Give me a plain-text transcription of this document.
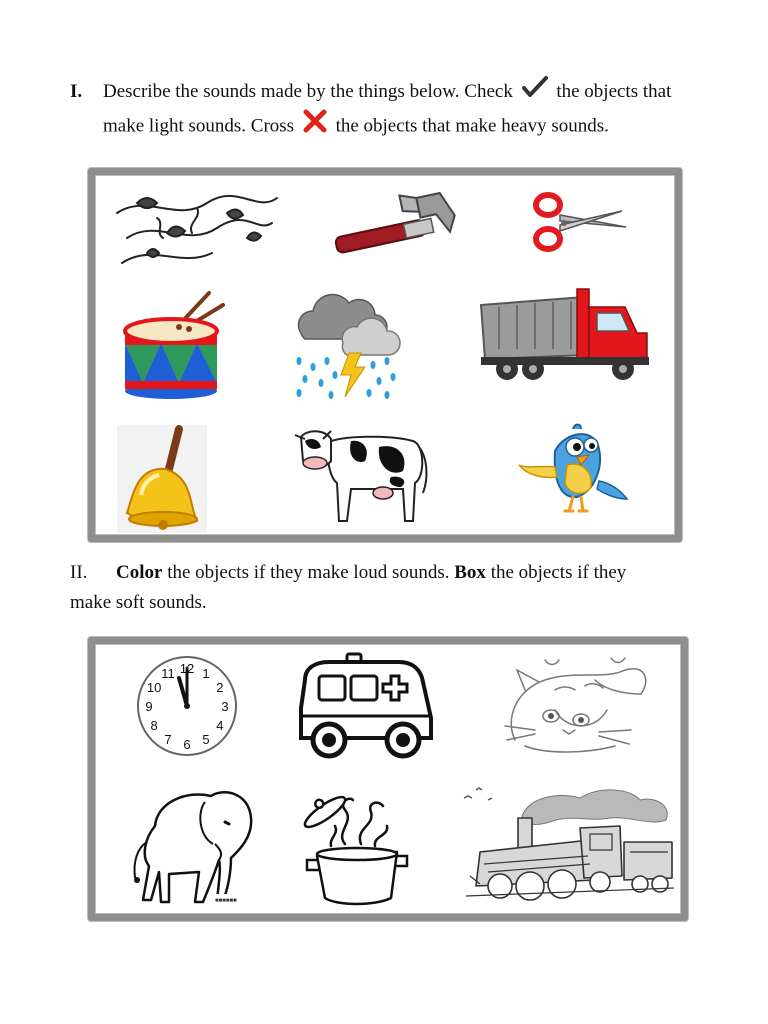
I. Describe the sounds made by the things below. Check the objects that
make light sounds. Cross the objects that make heavy sounds.
II. Color the objects if they make loud sounds. Box the objects if they
make soft sounds.
12 1
2
3
4
5
6
7
8
9
10
11
■■■■■■
